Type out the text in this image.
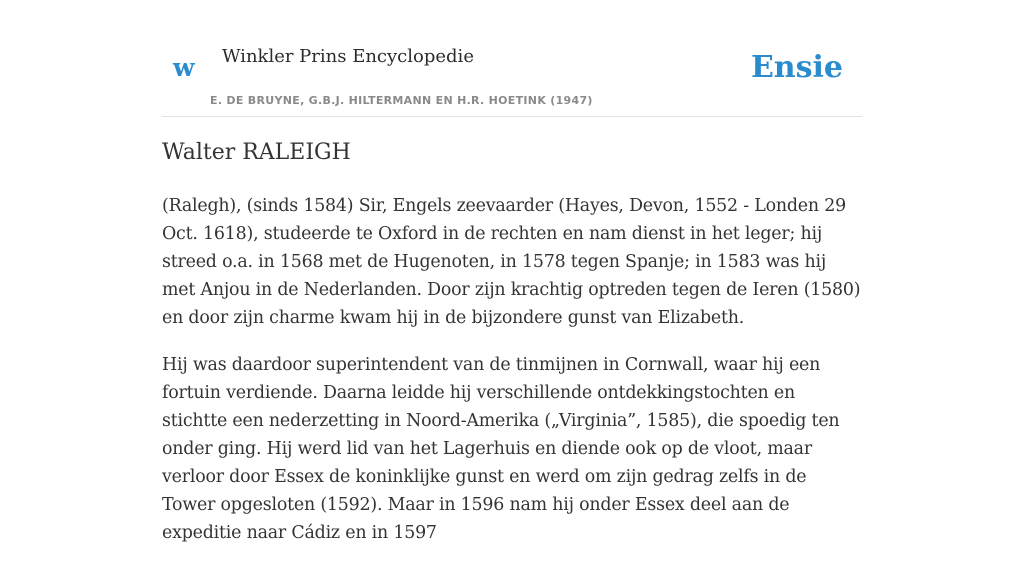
w Winkler Prins Encyclopedie
E. DE BRUYNE, G.B.J. HILTERMANN EN H.R. HOETINK (1947)
Ensie
Walter RALEIGH

(Ralegh), (sinds 1584) Sir, Engels zeevaarder (Hayes, Devon, 1552 - Londen 29 Oct. 1618), studeerde te Oxford in de rechten en nam dienst in het leger; hij streed o.a. in 1568 met de Hugenoten, in 1578 tegen Spanje; in 1583 was hij met Anjou in de Nederlanden. Door zijn krachtig optreden tegen de Ieren (1580) en door zijn charme kwam hij in de bijzondere gunst van Elizabeth.

Hij was daardoor superintendent van de tinmijnen in Cornwall, waar hij een fortuin verdiende. Daarna leidde hij verschillende ontdekkingstochten en stichtte een nederzetting in Noord-Amerika („Virginia”, 1585), die spoedig ten onder ging. Hij werd lid van het Lagerhuis en diende ook op de vloot, maar verloor door Essex de koninklijke gunst en werd om zijn gedrag zelfs in de Tower opgesloten (1592). Maar in 1596 nam hij onder Essex deel aan de expeditie naar Cádiz en in 1597
